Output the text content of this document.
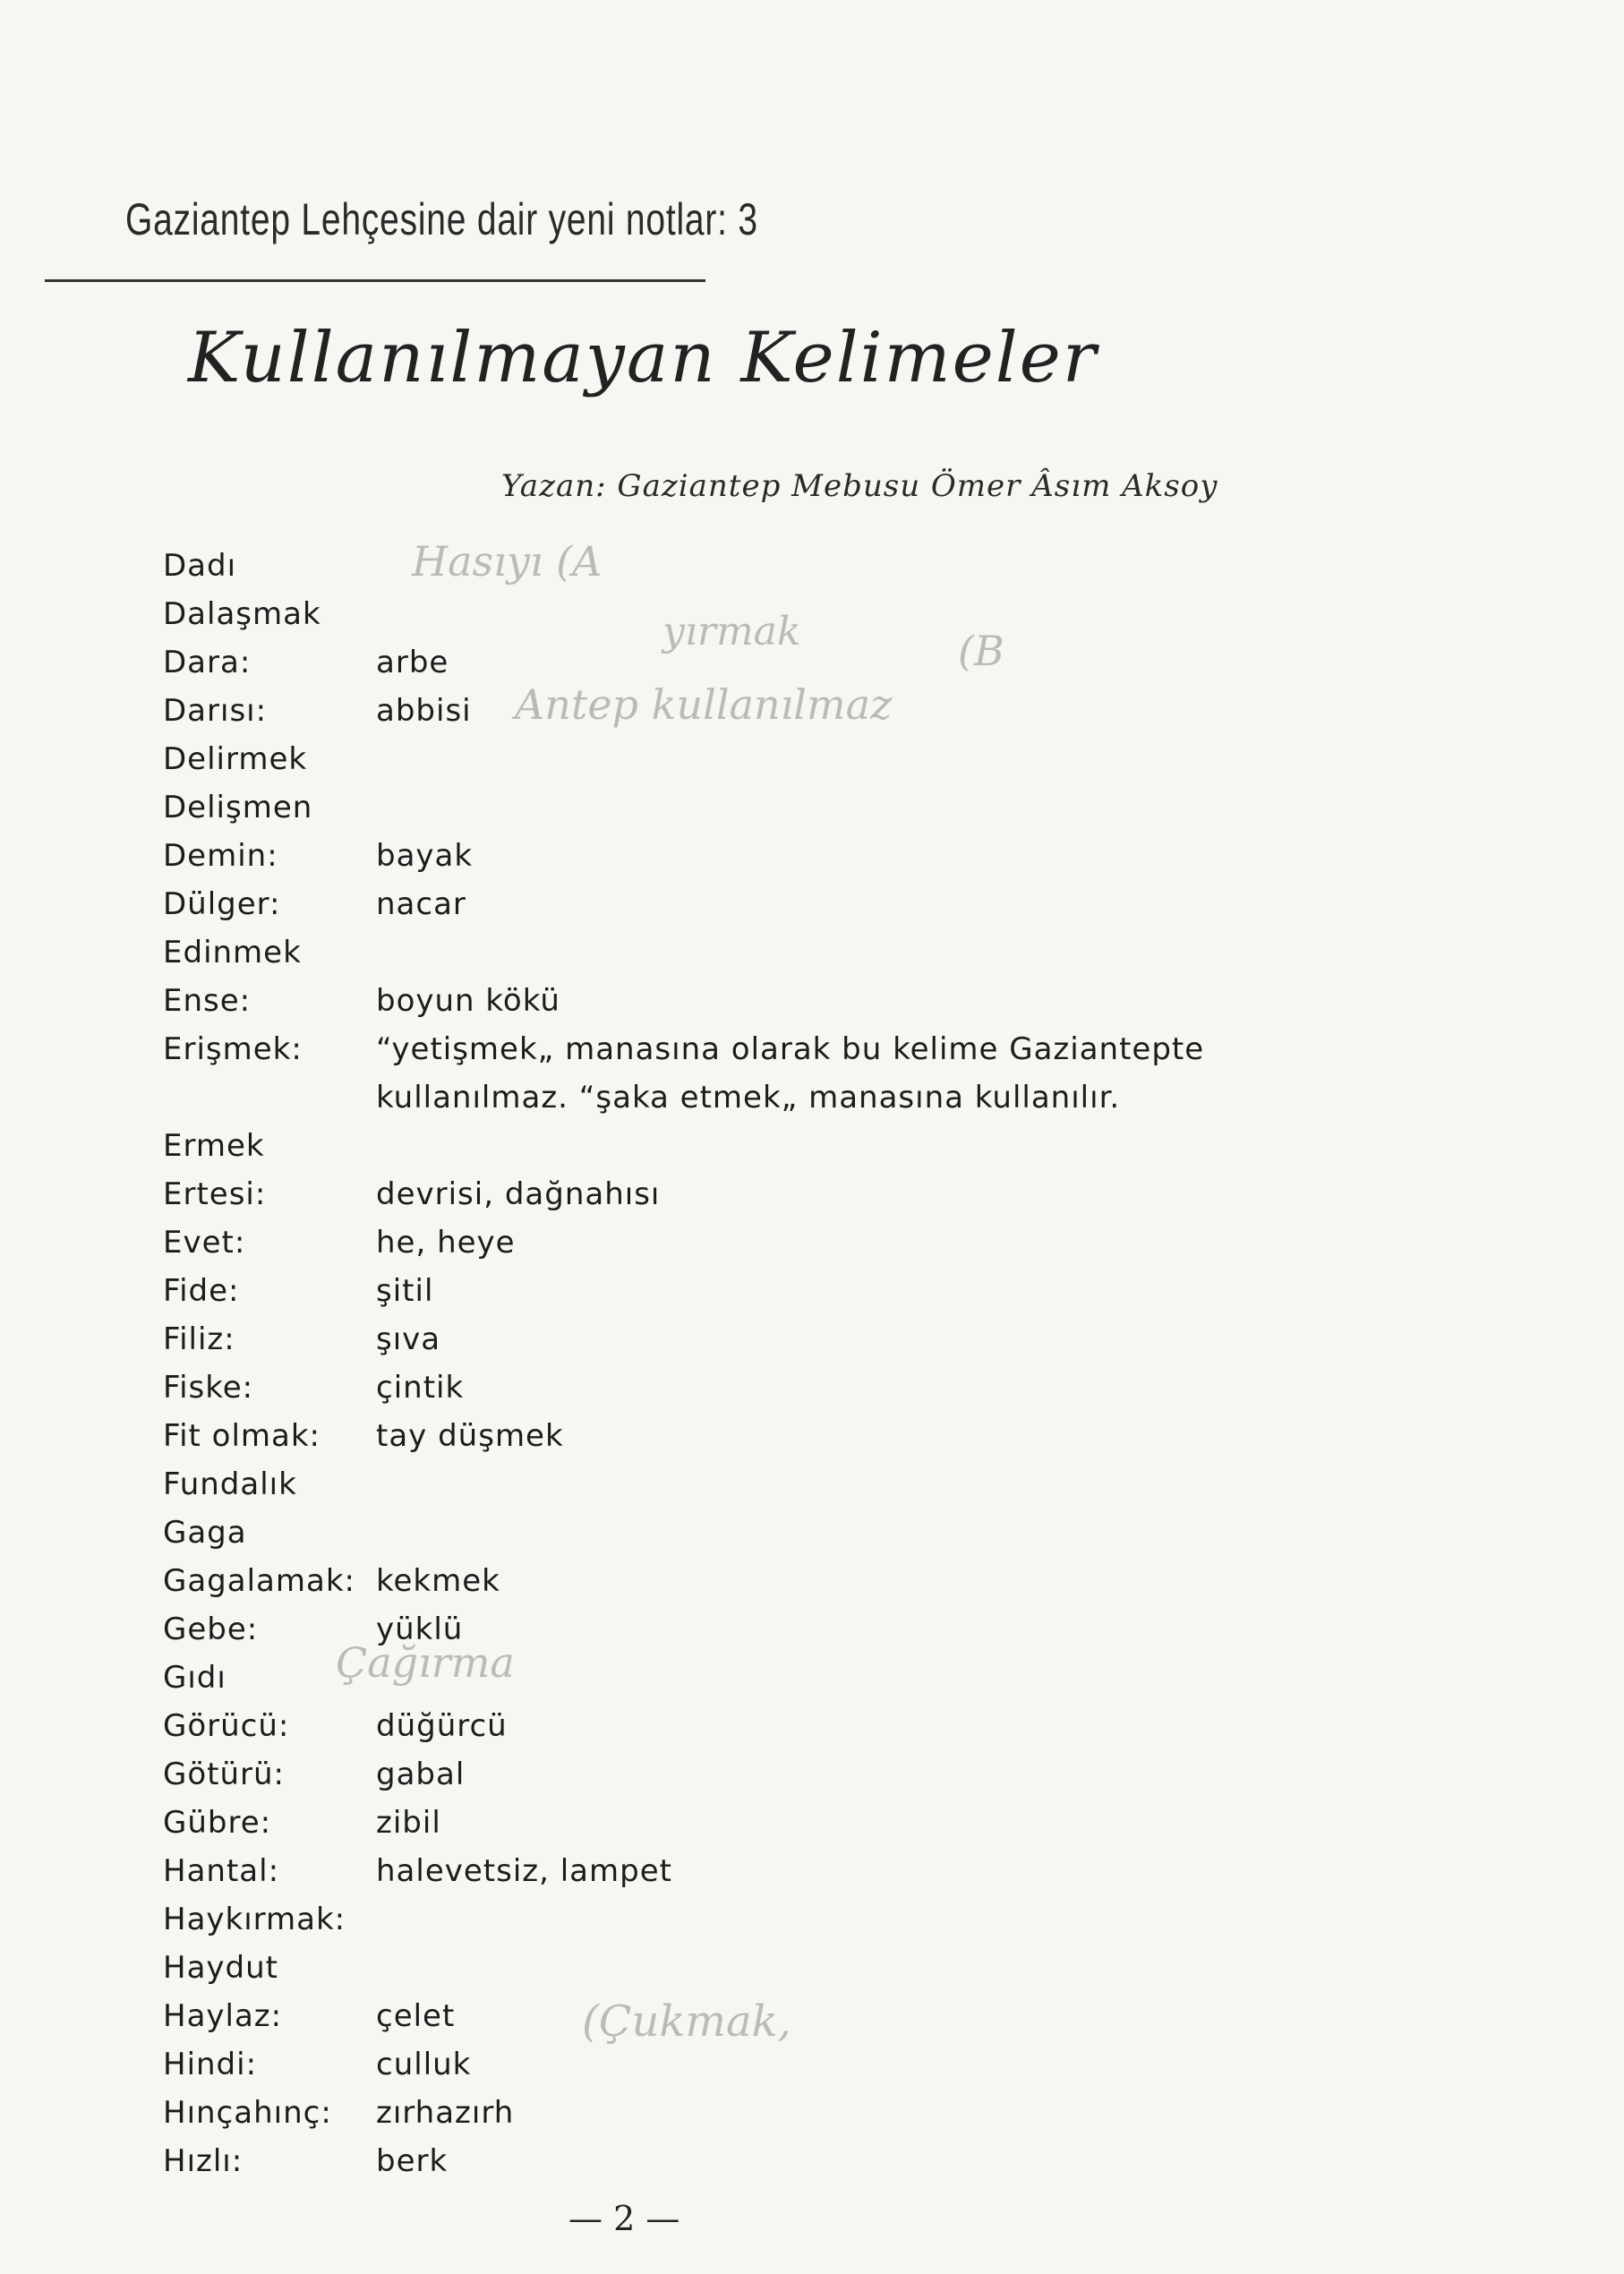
Gaziantep Lehçesine dair yeni notlar: 3
Kullanılmayan Kelimeler
Yazan: Gaziantep Mebusu Ömer Âsım Aksoy
Dadı
Dalaşmak
Dara:	arbe
Darısı:	abbisi
Delirmek
Delişmen
Demin:	bayak
Dülger:	nacar
Edinmek
Ense:	boyun kökü
Erişmek: “yetişmek„ manasına olarak bu kelime Gaziantepte kullanılmaz. “şaka etmek„ manasına kullanılır.
Ermek
Ertesi:	devrisi, dağnahısı
Evet:	he, heye
Fide:	şitil
Filiz:	şıva
Fiske:	çintik
Fit olmak: tay düşmek
Fundalık
Gaga
Gagalamak: kekmek
Gebe:	yüklü
Gıdı
Görücü:	düğürcü
Götürü:	gabal
Gübre:	zibil
Hantal:	halevetsiz, lampet
Haykırmak:
Haydut
Haylaz:	çelet
Hindi:	culluk
Hınçahınç: zırhazırh
Hızlı:	berk
Hasıyı (A
yırmak	(B
Antep kullanılmaz
Çağırma
(Çukmak,
— 2 —
